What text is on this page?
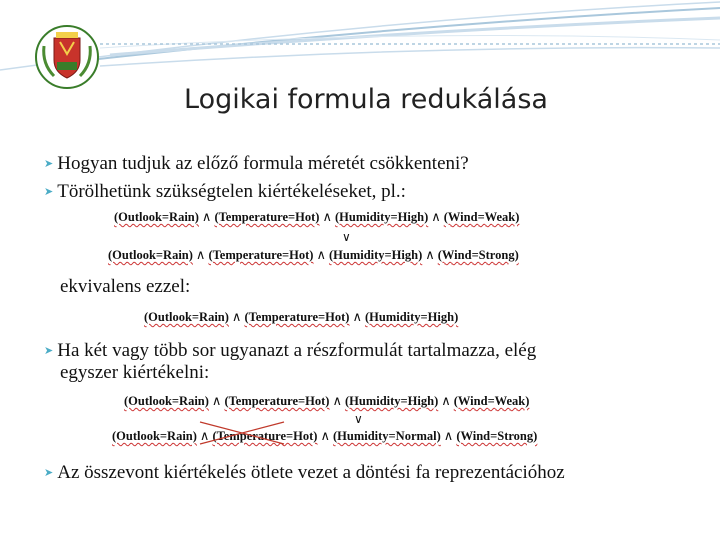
Logikai formula redukálása
➤ Hogyan tudjuk az előző formula méretét csökkenteni?
➤ Törölhetünk szükségtelen kiértékeléseket, pl.:
(Outlook=Rain) ∧ (Temperature=Hot) ∧ (Humidity=High) ∧ (Wind=Weak)
∨
(Outlook=Rain) ∧ (Temperature=Hot) ∧ (Humidity=High) ∧ (Wind=Strong)
ekvivalens ezzel:
(Outlook=Rain) ∧ (Temperature=Hot) ∧ (Humidity=High)
➤ Ha két vagy több sor ugyanazt a részformulát tartalmazza, elég
egyszer kiértékelni:
(Outlook=Rain) ∧ (Temperature=Hot) ∧ (Humidity=High) ∧ (Wind=Weak)
∨
(Outlook=Rain) ∧ (Temperature=Hot) ∧ (Humidity=Normal) ∧ (Wind=Strong)
➤ Az összevont kiértékelés ötlete vezet a döntési fa reprezentációhoz
